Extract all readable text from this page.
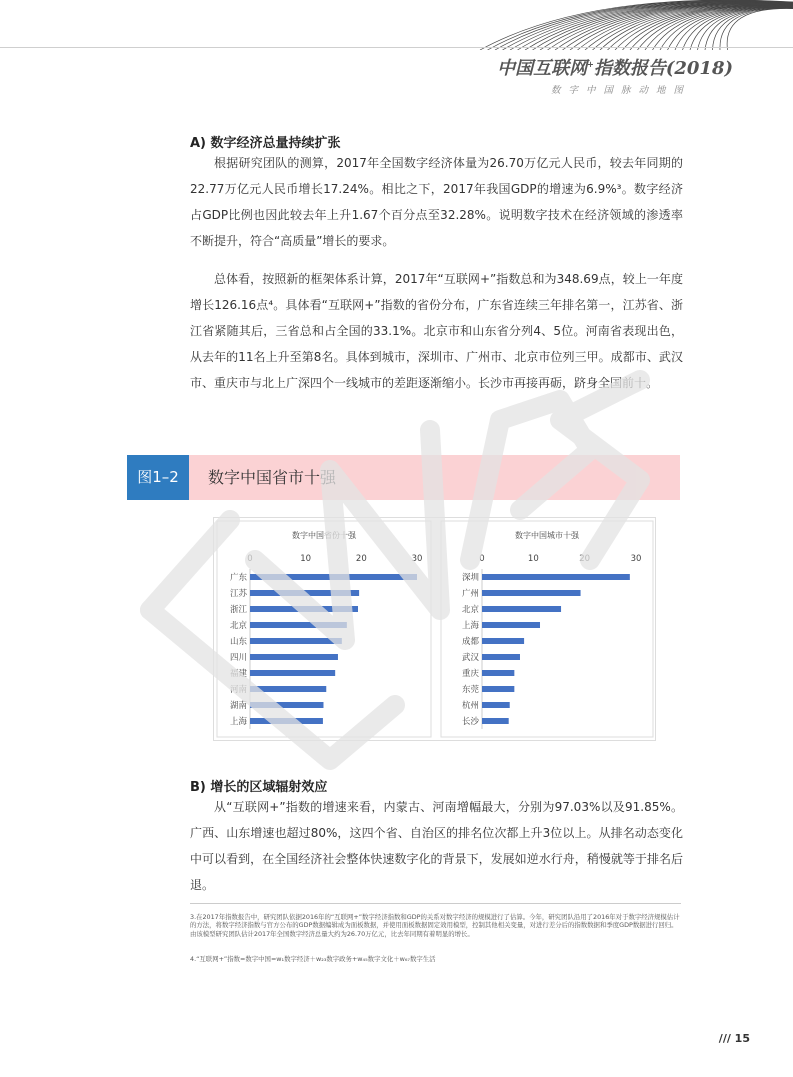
中国互联网+指数报告(2018)
数字中国脉动地图
A) 数字经济总量持续扩张

根据研究团队的测算，2017年全国数字经济体量为26.70万亿元人民币，较去年同期的22.77万亿元人民币增长17.24%。相比之下，2017年我国GDP的增速为6.9%³。数字经济占GDP比例也因此较去年上升1.67个百分点至32.28%。说明数字技术在经济领域的渗透率不断提升，符合“高质量”增长的要求。

总体看，按照新的框架体系计算，2017年“互联网+”指数总和为348.69点，较上一年度增长126.16点⁴。具体看“互联网+”指数的省份分布，广东省连续三年排名第一，江苏省、浙江省紧随其后，三省总和占全国的33.1%。北京市和山东省分列4、5位。河南省表现出色，从去年的11名上升至第8名。具体到城市，深圳市、广州市、北京市位列三甲。成都市、武汉市、重庆市与北上广深四个一线城市的差距逐渐缩小。长沙市再接再砺，跻身全国前十。

图1–2	数字中国省市十强
数字中国省份十强
0	10	20	30
广东
江苏
浙江
北京
山东
四川
福建
河南
湖南
上海
数字中国城市十强
0	10	20	30
深圳
广州
北京
上海
成都
武汉
重庆
东莞
杭州
长沙
B) 增长的区域辐射效应

从“互联网+”指数的增速来看，内蒙古、河南增幅最大，分别为97.03%以及91.85%。广西、山东增速也超过80%，这四个省、自治区的排名位次都上升3位以上。从排名动态变化中可以看到，在全国经济社会整体快速数字化的背景下，发展如逆水行舟，稍慢就等于排名后退。

3.在2017年指数报告中，研究团队依据2016年的“互联网+”数字经济指数和GDP的关系对数字经济的规模进行了估算。今年，研究团队沿用了2016年对于数字经济规模估计的方法，将数字经济指数与官方公布的GDP数据编辑成为面板数据，并使用面板数据固定效用模型，控制其他相关变量，对进行差分后的指数数据和季度GDP数据进行回归。由该模型研究团队估计2017年全国数字经济总量大约为26.70万亿元，比去年同期有着明显的增长。
4.“互联网+”指数=数字中国=w₁数字经济＋w₂₃数字政务+w₄₅数字文化＋w₆₇数字生活
/// 15
